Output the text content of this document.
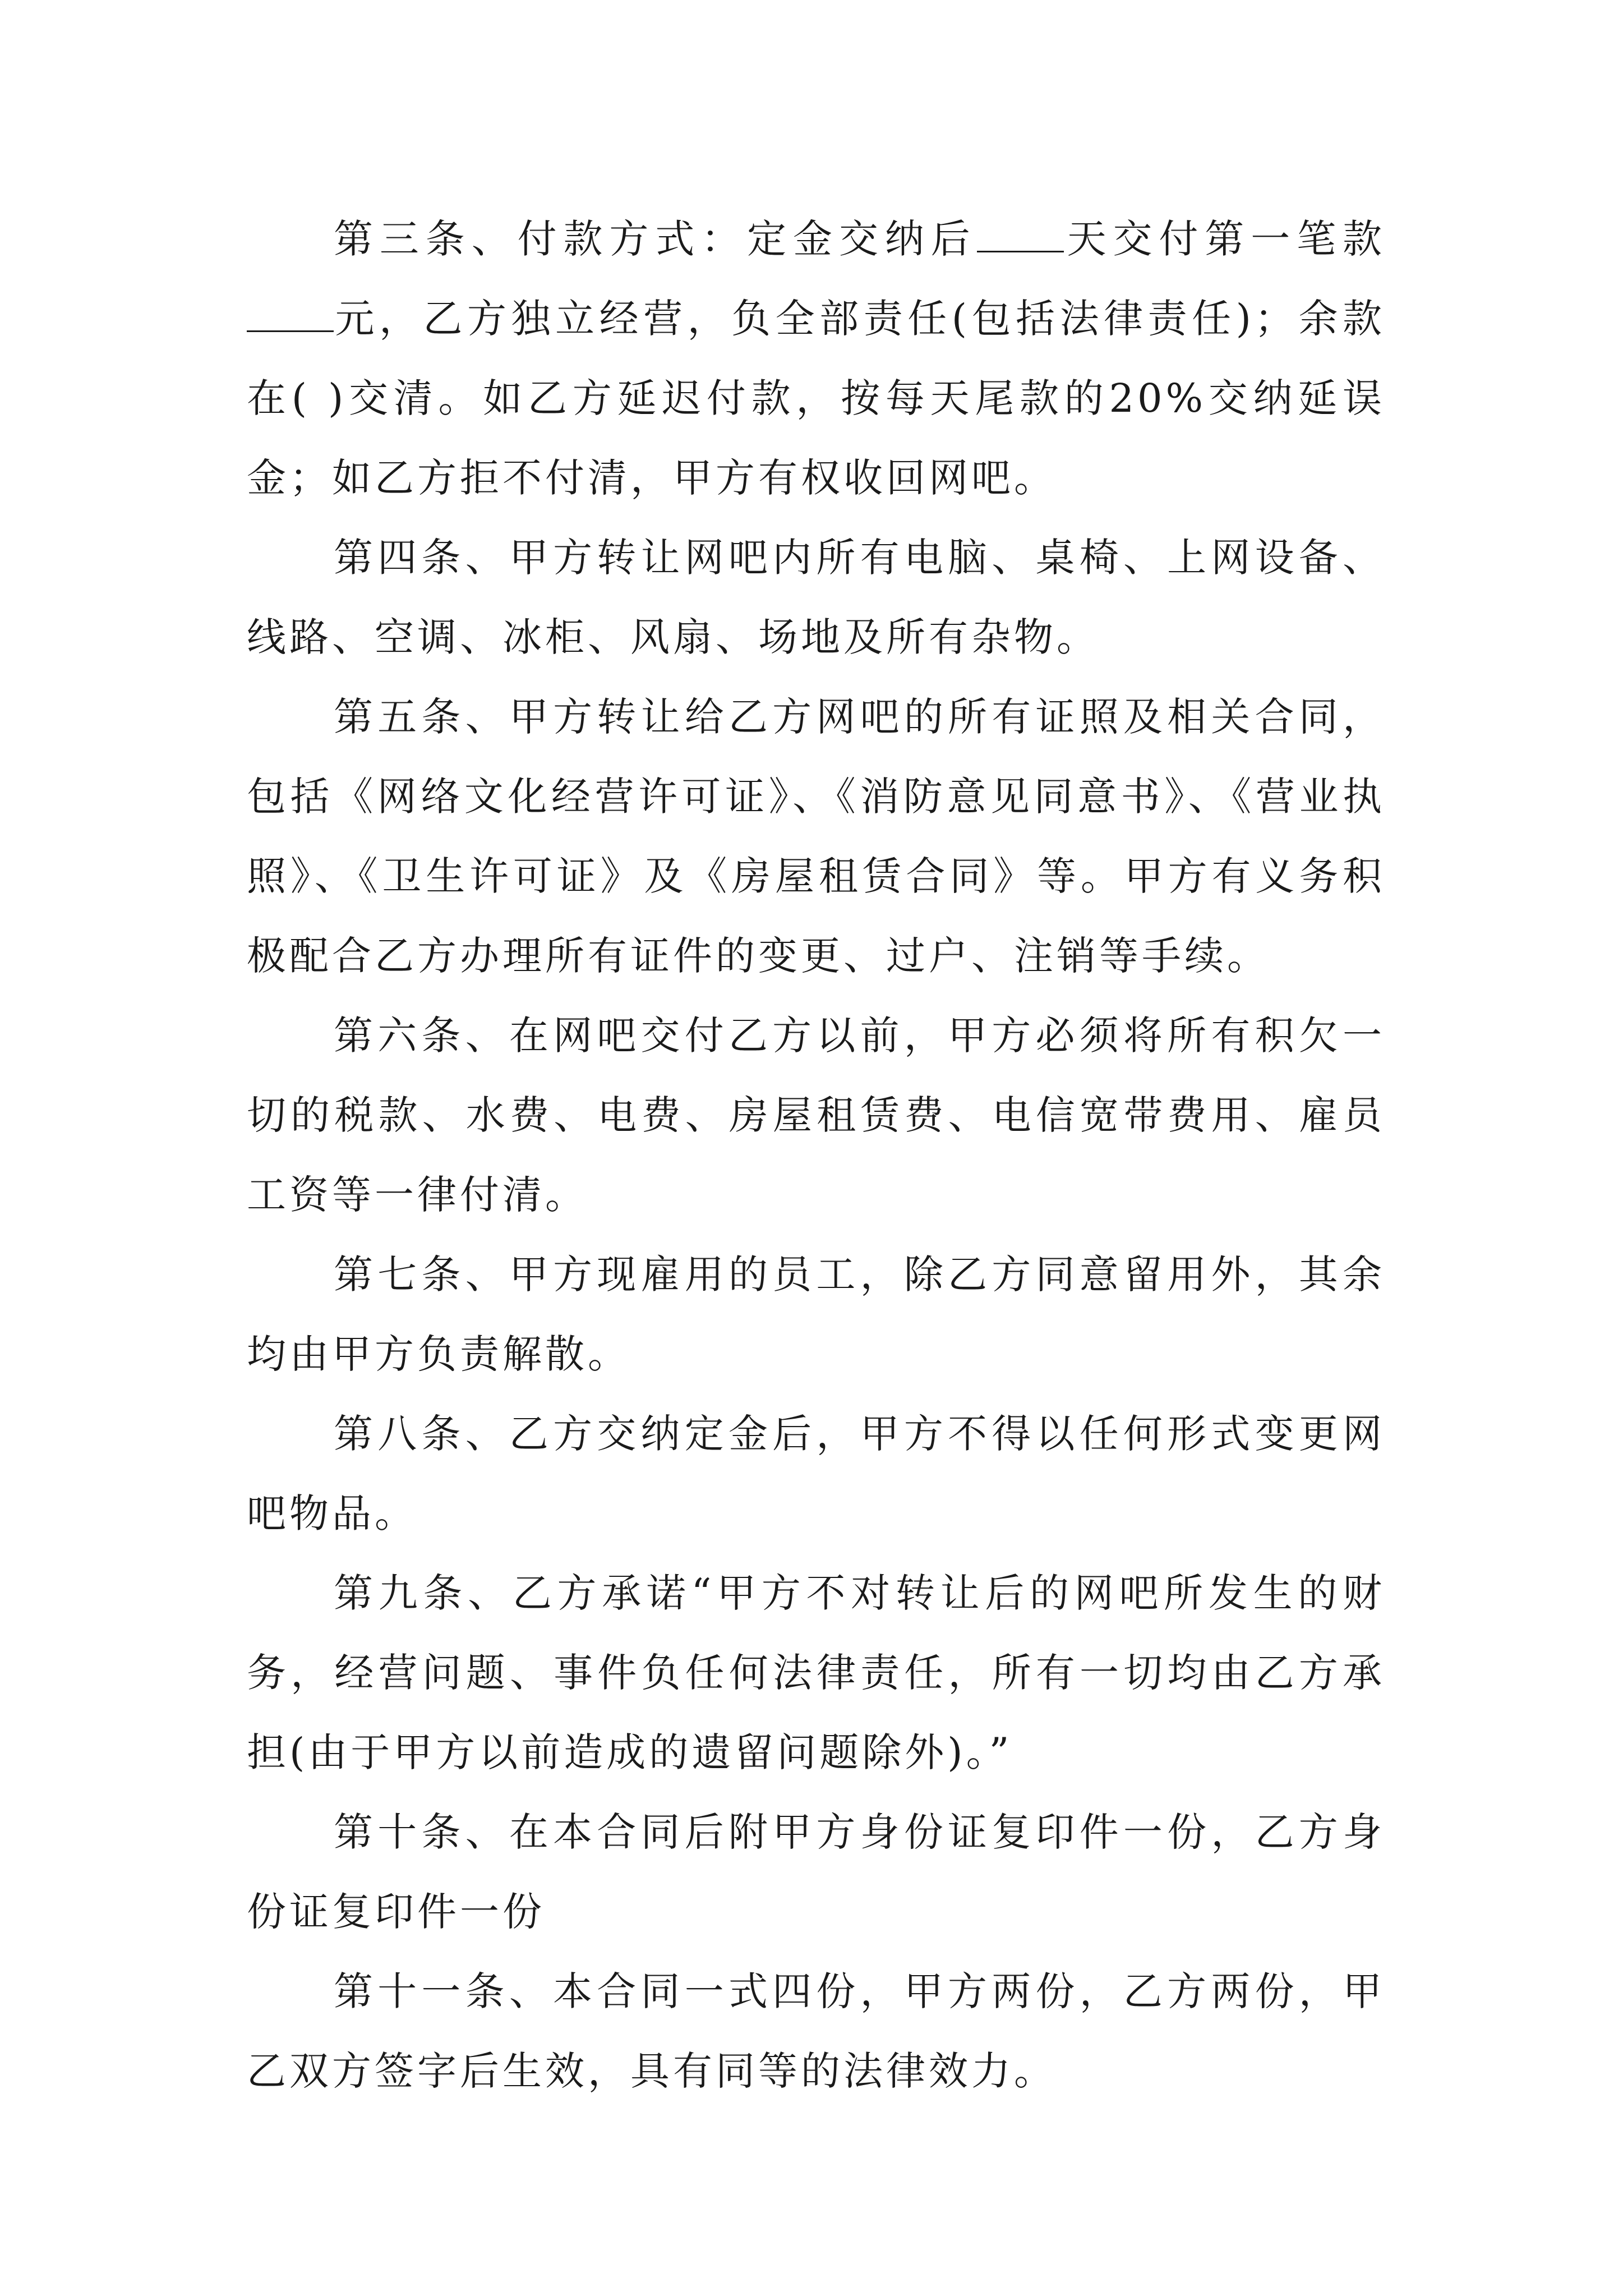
第三条、付款方式：定金交纳后 天交付第一笔款元，乙方独立经营，负全部责任(包括法律责任)；余款在( )交清。如乙方延迟付款，按每天尾款的20%交纳延误金；如乙方拒不付清，甲方有权收回网吧。

第四条、甲方转让网吧内所有电脑、桌椅、上网设备、线路、空调、冰柜、风扇、场地及所有杂物。

第五条、甲方转让给乙方网吧的所有证照及相关合同，包括《网络文化经营许可证》、《消防意见同意书》、《营业执照》、《卫生许可证》及《房屋租赁合同》等。甲方有义务积极配合乙方办理所有证件的变更、过户、注销等手续。

第六条、在网吧交付乙方以前，甲方必须将所有积欠一切的税款、水费、电费、房屋租赁费、电信宽带费用、雇员工资等一律付清。

第七条、甲方现雇用的员工，除乙方同意留用外，其余均由甲方负责解散。

第八条、乙方交纳定金后，甲方不得以任何形式变更网吧物品。

第九条、乙方承诺“甲方不对转让后的网吧所发生的财务，经营问题、事件负任何法律责任，所有一切均由乙方承担(由于甲方以前造成的遗留问题除外)。”

第十条、在本合同后附甲方身份证复印件一份，乙方身份证复印件一份

第十一条、本合同一式四份，甲方两份，乙方两份，甲乙双方签字后生效，具有同等的法律效力。
